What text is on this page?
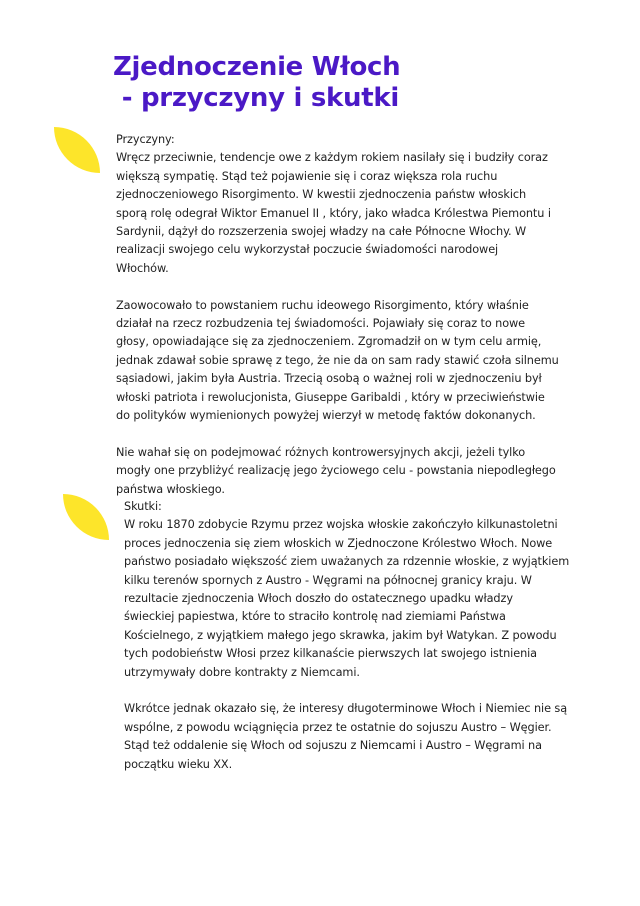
Zjednoczenie Włoch
- przyczyny i skutki

Przyczyny:
Wręcz przeciwnie, tendencje owe z każdym rokiem nasilały się i budziły coraz
większą sympatię. Stąd też pojawienie się i coraz większa rola ruchu
zjednoczeniowego Risorgimento. W kwestii zjednoczenia państw włoskich
sporą rolę odegrał Wiktor Emanuel II , który, jako władca Królestwa Piemontu i
Sardynii, dążył do rozszerzenia swojej władzy na całe Północne Włochy. W
realizacji swojego celu wykorzystał poczucie świadomości narodowej
Włochów.

Zaowocowało to powstaniem ruchu ideowego Risorgimento, który właśnie
działał na rzecz rozbudzenia tej świadomości. Pojawiały się coraz to nowe
głosy, opowiadające się za zjednoczeniem. Zgromadził on w tym celu armię,
jednak zdawał sobie sprawę z tego, że nie da on sam rady stawić czoła silnemu
sąsiadowi, jakim była Austria. Trzecią osobą o ważnej roli w zjednoczeniu był
włoski patriota i rewolucjonista, Giuseppe Garibaldi , który w przeciwieństwie
do polityków wymienionych powyżej wierzył w metodę faktów dokonanych.

Nie wahał się on podejmować różnych kontrowersyjnych akcji, jeżeli tylko
mogły one przybliżyć realizację jego życiowego celu - powstania niepodległego
państwa włoskiego.

Skutki:
W roku 1870 zdobycie Rzymu przez wojska włoskie zakończyło kilkunastoletni
proces jednoczenia się ziem włoskich w Zjednoczone Królestwo Włoch. Nowe
państwo posiadało większość ziem uważanych za rdzennie włoskie, z wyjątkiem
kilku terenów spornych z Austro - Węgrami na północnej granicy kraju. W
rezultacie zjednoczenia Włoch doszło do ostatecznego upadku władzy
świeckiej papiestwa, które to straciło kontrolę nad ziemiami Państwa
Kościelnego, z wyjątkiem małego jego skrawka, jakim był Watykan. Z powodu
tych podobieństw Włosi przez kilkanaście pierwszych lat swojego istnienia
utrzymywały dobre kontrakty z Niemcami.

Wkrótce jednak okazało się, że interesy długoterminowe Włoch i Niemiec nie są
wspólne, z powodu wciągnięcia przez te ostatnie do sojuszu Austro – Węgier.
Stąd też oddalenie się Włoch od sojuszu z Niemcami i Austro – Węgrami na
początku wieku XX.
